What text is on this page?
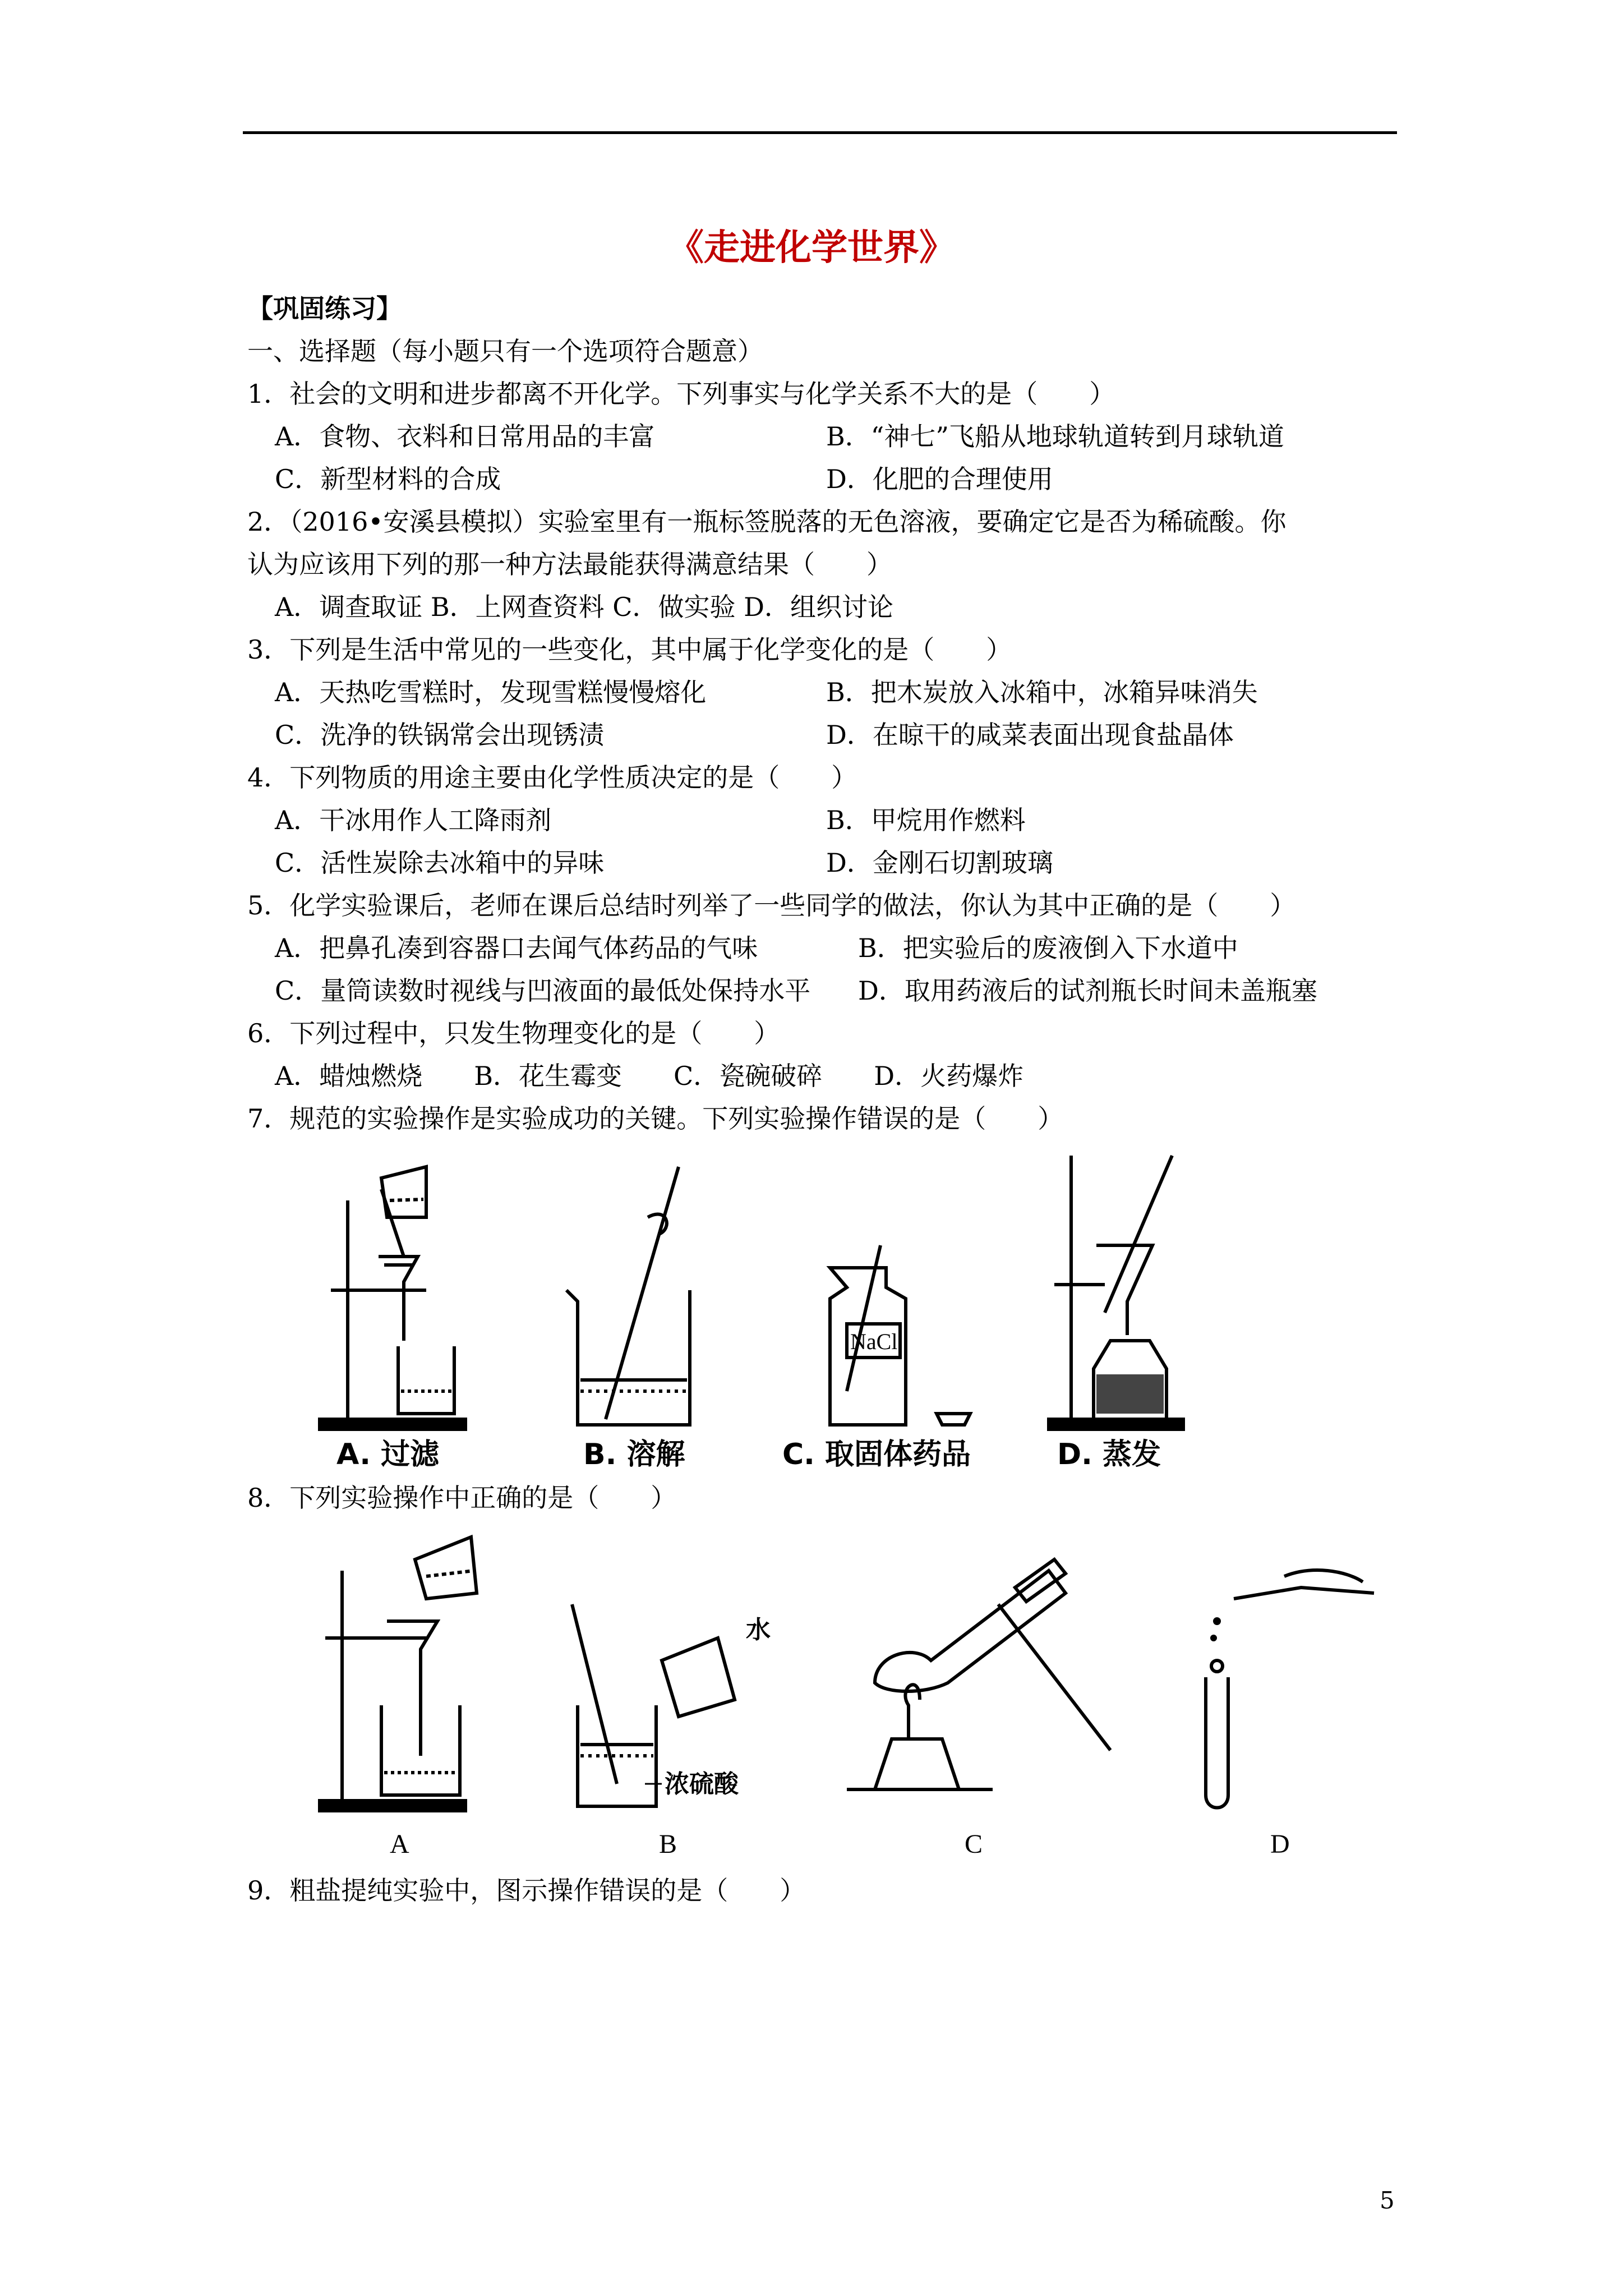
《走进化学世界》
【巩固练习】
一、选择题（每小题只有一个选项符合题意）
1．社会的文明和进步都离不开化学。下列事实与化学关系不大的是（　　）
A．食物、衣料和日常用品的丰富	B．“神七”飞船从地球轨道转到月球轨道
C．新型材料的合成	D．化肥的合理使用
2．（2016•安溪县模拟）实验室里有一瓶标签脱落的无色溶液，要确定它是否为稀硫酸。你
认为应该用下列的那一种方法最能获得满意结果（　　）
A．调查取证 B．上网查资料 C．做实验 D．组织讨论
3．下列是生活中常见的一些变化，其中属于化学变化的是（　　）
A．天热吃雪糕时，发现雪糕慢慢熔化	B．把木炭放入冰箱中，冰箱异味消失
C．洗净的铁锅常会出现锈渍	D．在晾干的咸菜表面出现食盐晶体
4．下列物质的用途主要由化学性质决定的是（　　）
A．干冰用作人工降雨剂	B．甲烷用作燃料
C．活性炭除去冰箱中的异味	D．金刚石切割玻璃
5．化学实验课后，老师在课后总结时列举了一些同学的做法，你认为其中正确的是（　　）
A．把鼻孔凑到容器口去闻气体药品的气味	B．把实验后的废液倒入下水道中
C．量筒读数时视线与凹液面的最低处保持水平 D．取用药液后的试剂瓶长时间未盖瓶塞
6．下列过程中，只发生物理变化的是（　　）
A．蜡烛燃烧　　B．花生霉变　　C．瓷碗破碎　　D．火药爆炸
7．规范的实验操作是实验成功的关键。下列实验操作错误的是（　　）
A. 过滤	B. 溶解
NaCl
C. 取固体药品	D. 蒸发
8．下列实验操作中正确的是（　　）
A
水
浓硫酸
B	C	D
9．粗盐提纯实验中，图示操作错误的是（　　）
5
